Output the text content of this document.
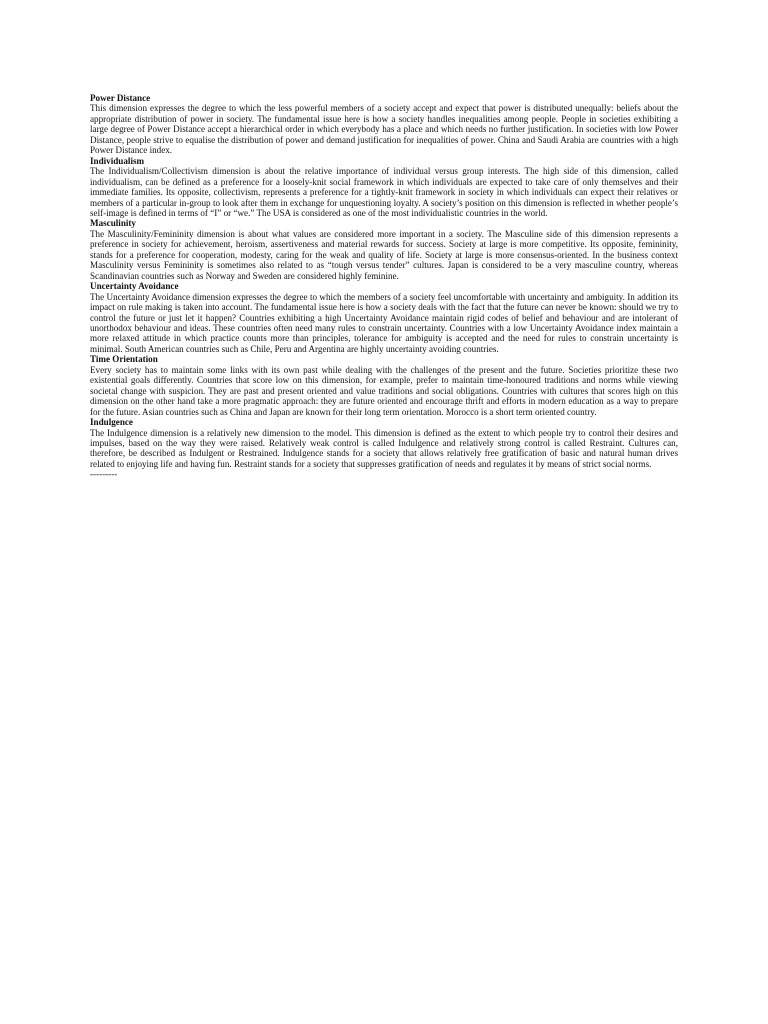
Power Distance

This dimension expresses the degree to which the less powerful members of a society accept and expect that power is distributed unequally: beliefs about the appropriate distribution of power in society. The fundamental issue here is how a society handles inequalities among people. People in societies exhibiting a large degree of Power Distance accept a hierarchical order in which everybody has a place and which needs no further justification. In societies with low Power Distance, people strive to equalise the distribution of power and demand justification for inequalities of power. China and Saudi Arabia are countries with a high Power Distance index.

Individualism

The Individualism/Collectivism dimension is about the relative importance of individual versus group interests. The high side of this dimension, called individualism, can be defined as a preference for a loosely-knit social framework in which individuals are expected to take care of only themselves and their immediate families. Its opposite, collectivism, represents a preference for a tightly-knit framework in society in which individuals can expect their relatives or members of a particular in-group to look after them in exchange for unquestioning loyalty. A society’s position on this dimension is reflected in whether people’s self-image is defined in terms of “I” or “we.” The USA is considered as one of the most individualistic countries in the world.

Masculinity

The Masculinity/Femininity dimension is about what values are considered more important in a society. The Masculine side of this dimension represents a preference in society for achievement, heroism, assertiveness and material rewards for success. Society at large is more competitive. Its opposite, femininity, stands for a preference for cooperation, modesty, caring for the weak and quality of life. Society at large is more consensus-oriented. In the business context Masculinity versus Femininity is sometimes also related to as “tough versus tender” cultures. Japan is considered to be a very masculine country, whereas Scandinavian countries such as Norway and Sweden are considered highly feminine.

Uncertainty Avoidance

The Uncertainty Avoidance dimension expresses the degree to which the members of a society feel uncomfortable with uncertainty and ambiguity. In addition its impact on rule making is taken into account. The fundamental issue here is how a society deals with the fact that the future can never be known: should we try to control the future or just let it happen? Countries exhibiting a high Uncertainty Avoidance maintain rigid codes of belief and behaviour and are intolerant of unorthodox behaviour and ideas. These countries often need many rules to constrain uncertainty. Countries with a low Uncertainty Avoidance index maintain a more relaxed attitude in which practice counts more than principles, tolerance for ambiguity is accepted and the need for rules to constrain uncertainty is minimal. South American countries such as Chile, Peru and Argentina are highly uncertainty avoiding countries.

Time Orientation

Every society has to maintain some links with its own past while dealing with the challenges of the present and the future. Societies prioritize these two existential goals differently. Countries that score low on this dimension, for example, prefer to maintain time-honoured traditions and norms while viewing societal change with suspicion. They are past and present oriented and value traditions and social obligations. Countries with cultures that scores high on this dimension on the other hand take a more pragmatic approach: they are future oriented and encourage thrift and efforts in modern education as a way to prepare for the future. Asian countries such as China and Japan are known for their long term orientation. Morocco is a short term oriented country.

Indulgence

The Indulgence dimension is a relatively new dimension to the model. This dimension is defined as the extent to which people try to control their desires and impulses, based on the way they were raised. Relatively weak control is called Indulgence and relatively strong control is called Restraint. Cultures can, therefore, be described as Indulgent or Restrained. Indulgence stands for a society that allows relatively free gratification of basic and natural human drives related to enjoying life and having fun. Restraint stands for a society that suppresses gratification of needs and regulates it by means of strict social norms.

---------
